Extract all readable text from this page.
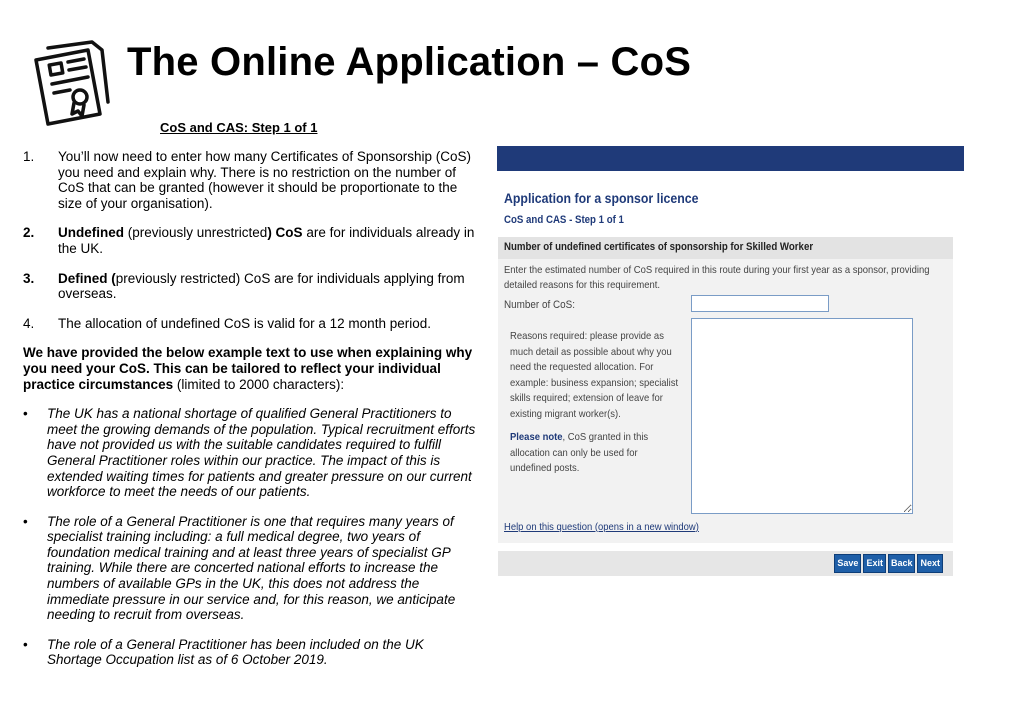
The Online Application – CoS
CoS and CAS: Step 1 of 1
1. You’ll now need to enter how many Certificates of Sponsorship (CoS) you need and explain why. There is no restriction on the number of CoS that can be granted (however it should be proportionate to the size of your organisation).
2. Undefined (previously unrestricted) CoS are for individuals already in the UK.
3. Defined (previously restricted) CoS are for individuals applying from overseas.
4. The allocation of undefined CoS is valid for a 12 month period.
We have provided the below example text to use when explaining why you need your CoS. This can be tailored to reflect your individual practice circumstances (limited to 2000 characters):
• The UK has a national shortage of qualified General Practitioners to meet the growing demands of the population. Typical recruitment efforts have not provided us with the suitable candidates required to fulfill General Practitioner roles within our practice. The impact of this is extended waiting times for patients and greater pressure on our current workforce to meet the needs of our patients.
• The role of a General Practitioner is one that requires many years of specialist training including: a full medical degree, two years of foundation medical training and at least three years of specialist GP training. While there are concerted national efforts to increase the numbers of available GPs in the UK, this does not address the immediate pressure in our service and, for this reason, we anticipate needing to recruit from overseas.
• The role of a General Practitioner has been included on the UK Shortage Occupation list as of 6 October 2019.
Application for a sponsor licence
CoS and CAS - Step 1 of 1
Number of undefined certificates of sponsorship for Skilled Worker
Enter the estimated number of CoS required in this route during your first year as a sponsor, providing detailed reasons for this requirement.
Number of CoS:
Reasons required: please provide as much detail as possible about why you need the requested allocation. For example: business expansion; specialist skills required; extension of leave for existing migrant worker(s).
Please note, CoS granted in this allocation can only be used for undefined posts.
Help on this question (opens in a new window)
Save Exit Back Next
